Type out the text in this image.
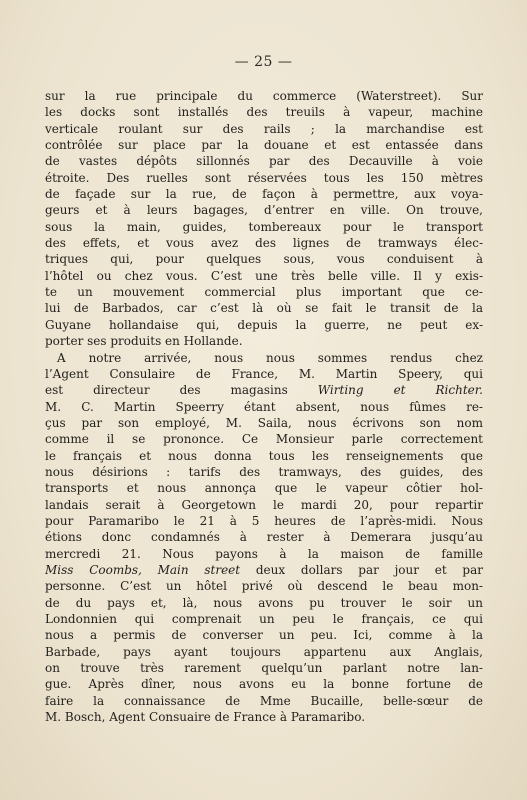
— 25 —
sur la rue principale du commerce (Waterstreet). Sur
les docks sont installés des treuils à vapeur, machine
verticale roulant sur des rails ; la marchandise est
contrôlée sur place par la douane et est entassée dans
de vastes dépôts sillonnés par des Decauville à voie
étroite. Des ruelles sont réservées tous les 150 mètres
de façade sur la rue, de façon à permettre, aux voya-
geurs et à leurs bagages, d’entrer en ville. On trouve,
sous la main, guides, tombereaux pour le transport
des effets, et vous avez des lignes de tramways élec-
triques qui, pour quelques sous, vous conduisent à
l’hôtel ou chez vous. C’est une très belle ville. Il y exis-
te un mouvement commercial plus important que ce-
lui de Barbados, car c’est là où se fait le transit de la
Guyane hollandaise qui, depuis la guerre, ne peut ex-
porter ses produits en Hollande.
A notre arrivée, nous nous sommes rendus chez
l’Agent Consulaire de France, M. Martin Speery, qui
est directeur des magasins Wirting et Richter.
M. C. Martin Speerry étant absent, nous fûmes re-
çus par son employé, M. Saila, nous écrivons son nom
comme il se prononce. Ce Monsieur parle correctement
le français et nous donna tous les renseignements que
nous désirions : tarifs des tramways, des guides, des
transports et nous annonça que le vapeur côtier hol-
landais serait à Georgetown le mardi 20, pour repartir
pour Paramaribo le 21 à 5 heures de l’après-midi. Nous
étions donc condamnés à rester à Demerara jusqu’au
mercredi 21. Nous payons à la maison de famille
Miss Coombs, Main street deux dollars par jour et par
personne. C’est un hôtel privé où descend le beau mon-
de du pays et, là, nous avons pu trouver le soir un
Londonnien qui comprenait un peu le français, ce qui
nous a permis de converser un peu. Ici, comme à la
Barbade, pays ayant toujours appartenu aux Anglais,
on trouve très rarement quelqu’un parlant notre lan-
gue. Après dîner, nous avons eu la bonne fortune de
faire la connaissance de Mme Bucaille, belle-sœur de
M. Bosch, Agent Consuaire de France à Paramaribo.
